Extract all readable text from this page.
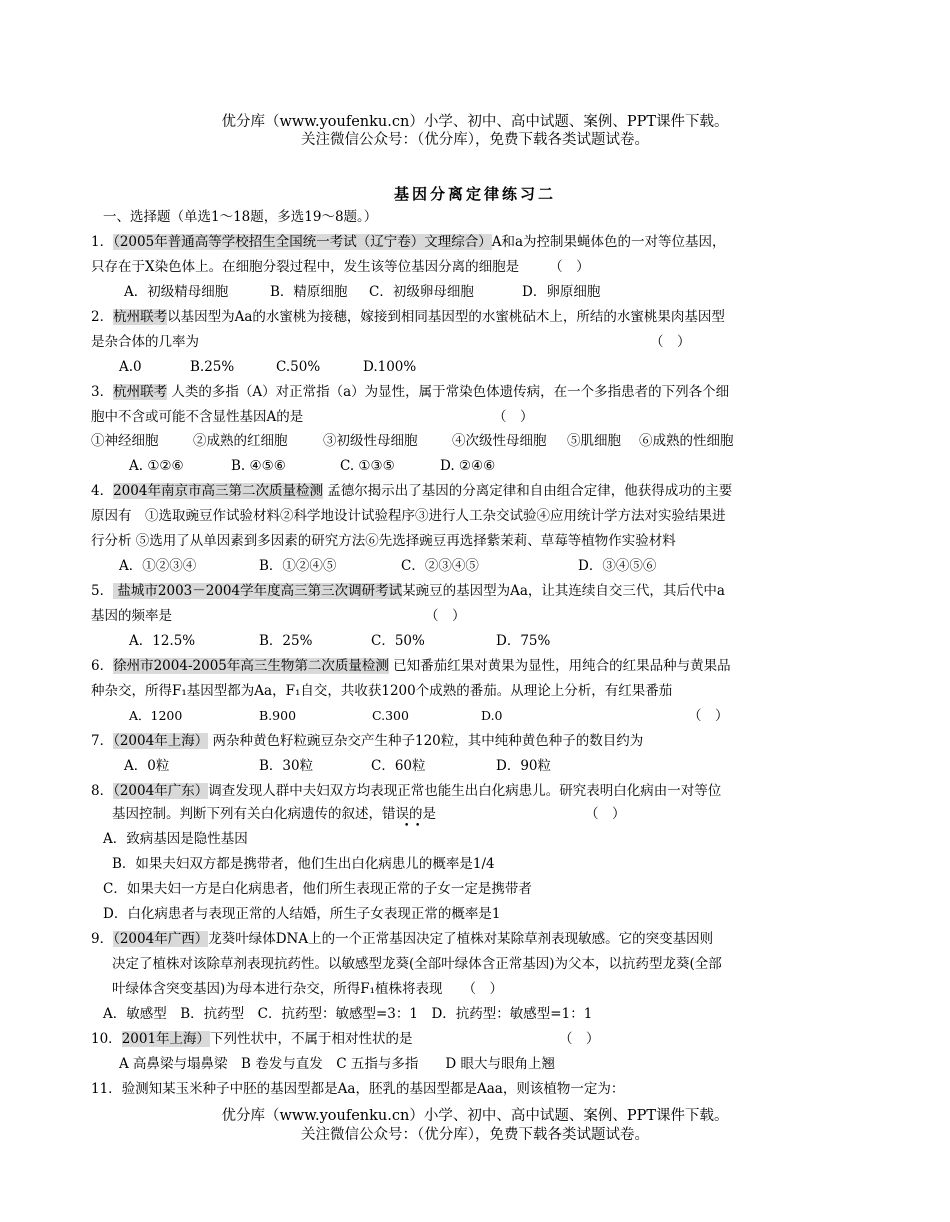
优分库（www.youfenku.cn）小学、初中、高中试题、案例、PPT课件下载。
关注微信公众号：（优分库），免费下载各类试题试卷。
基因分离定律练习二
一、选择题（单选1～18题，多选19～8题。）
1．（2005年普通高等学校招生全国统一考试（辽宁卷）文理综合）A和a为控制果蝇体色的一对等位基因，
只存在于X染色体上。在细胞分裂过程中，发生该等位基因分离的细胞是 （　）
A．初级精母细胞	B．精原细胞 C．初级卵母细胞	D．卵原细胞
2．杭州联考以基因型为Aa的水蜜桃为接穗，嫁接到相同基因型的水蜜桃砧木上，所结的水蜜桃果肉基因型
是杂合体的几率为	（　）
A.0	B.25%	C.50%	D.100%
3．杭州联考 人类的多指（A）对正常指（a）为显性，属于常染色体遗传病，在一个多指患者的下列各个细
胞中不含或可能不含显性基因A的是	（　）
①神经细胞	②成熟的红细胞	③初级性母细胞	④次级性母细胞 ⑤肌细胞 ⑥成熟的性细胞
A. ①②⑥	B. ④⑤⑥	C. ①③⑤	D. ②④⑥
4．2004年南京市高三第二次质量检测 孟德尔揭示出了基因的分离定律和自由组合定律，他获得成功的主要
原因有　①选取豌豆作试验材料②科学地设计试验程序③进行人工杂交试验④应用统计学方法对实验结果进
行分析 ⑤选用了从单因素到多因素的研究方法⑥先选择豌豆再选择紫茉莉、草莓等植物作实验材料
A．①②③④	B．①②④⑤	C．②③④⑤	D．③④⑤⑥
5． 盐城市2003－2004学年度高三第三次调研考试某豌豆的基因型为Aa，让其连续自交三代，其后代中a
基因的频率是	（　）
A．12.5%	B．25%	C．50%	D．75%
6．徐州市2004-2005年高三生物第二次质量检测 已知番茄红果对黄果为显性，用纯合的红果品种与黄果品
种杂交，所得F₁基因型都为Aa，F₁自交，共收获1200个成熟的番茄。从理论上分析，有红果番茄
A．1200	B.900	C.300	D.0	（　）
7．（2004年上海） 两杂种黄色籽粒豌豆杂交产生种子120粒，其中纯种黄色种子的数目约为
A．0粒	B．30粒	C．60粒	D．90粒
8．（2004年广东）调查发现人群中夫妇双方均表现正常也能生出白化病患儿。研究表明白化病由一对等位
基因控制。判断下列有关白化病遗传的叙述，错误的是
•  •
（　）
A．致病基因是隐性基因
B．如果夫妇双方都是携带者，他们生出白化病患儿的概率是1/4
C．如果夫妇一方是白化病患者，他们所生表现正常的子女一定是携带者
D．白化病患者与表现正常的人结婚，所生子女表现正常的概率是1
9．（2004年广西）龙葵叶绿体DNA上的一个正常基因决定了植株对某除草剂表现敏感。它的突变基因则
决定了植株对该除草剂表现抗药性。以敏感型龙葵(全部叶绿体含正常基因)为父本，以抗药型龙葵(全部
叶绿体含突变基因)为母本进行杂交，所得F₁植株将表现 （　）
A．敏感型　B．抗药型　C．抗药型：敏感型=3：1　D．抗药型：敏感型=1：1
10．2001年上海）下列性状中，不属于相对性状的是	（　）
A 高鼻梁与塌鼻梁　B 卷发与直发　C 五指与多指　　D 眼大与眼角上翘
11．验测知某玉米种子中胚的基因型都是Aa，胚乳的基因型都是Aaa，则该植物一定为：
优分库（www.youfenku.cn）小学、初中、高中试题、案例、PPT课件下载。
关注微信公众号：（优分库），免费下载各类试题试卷。
